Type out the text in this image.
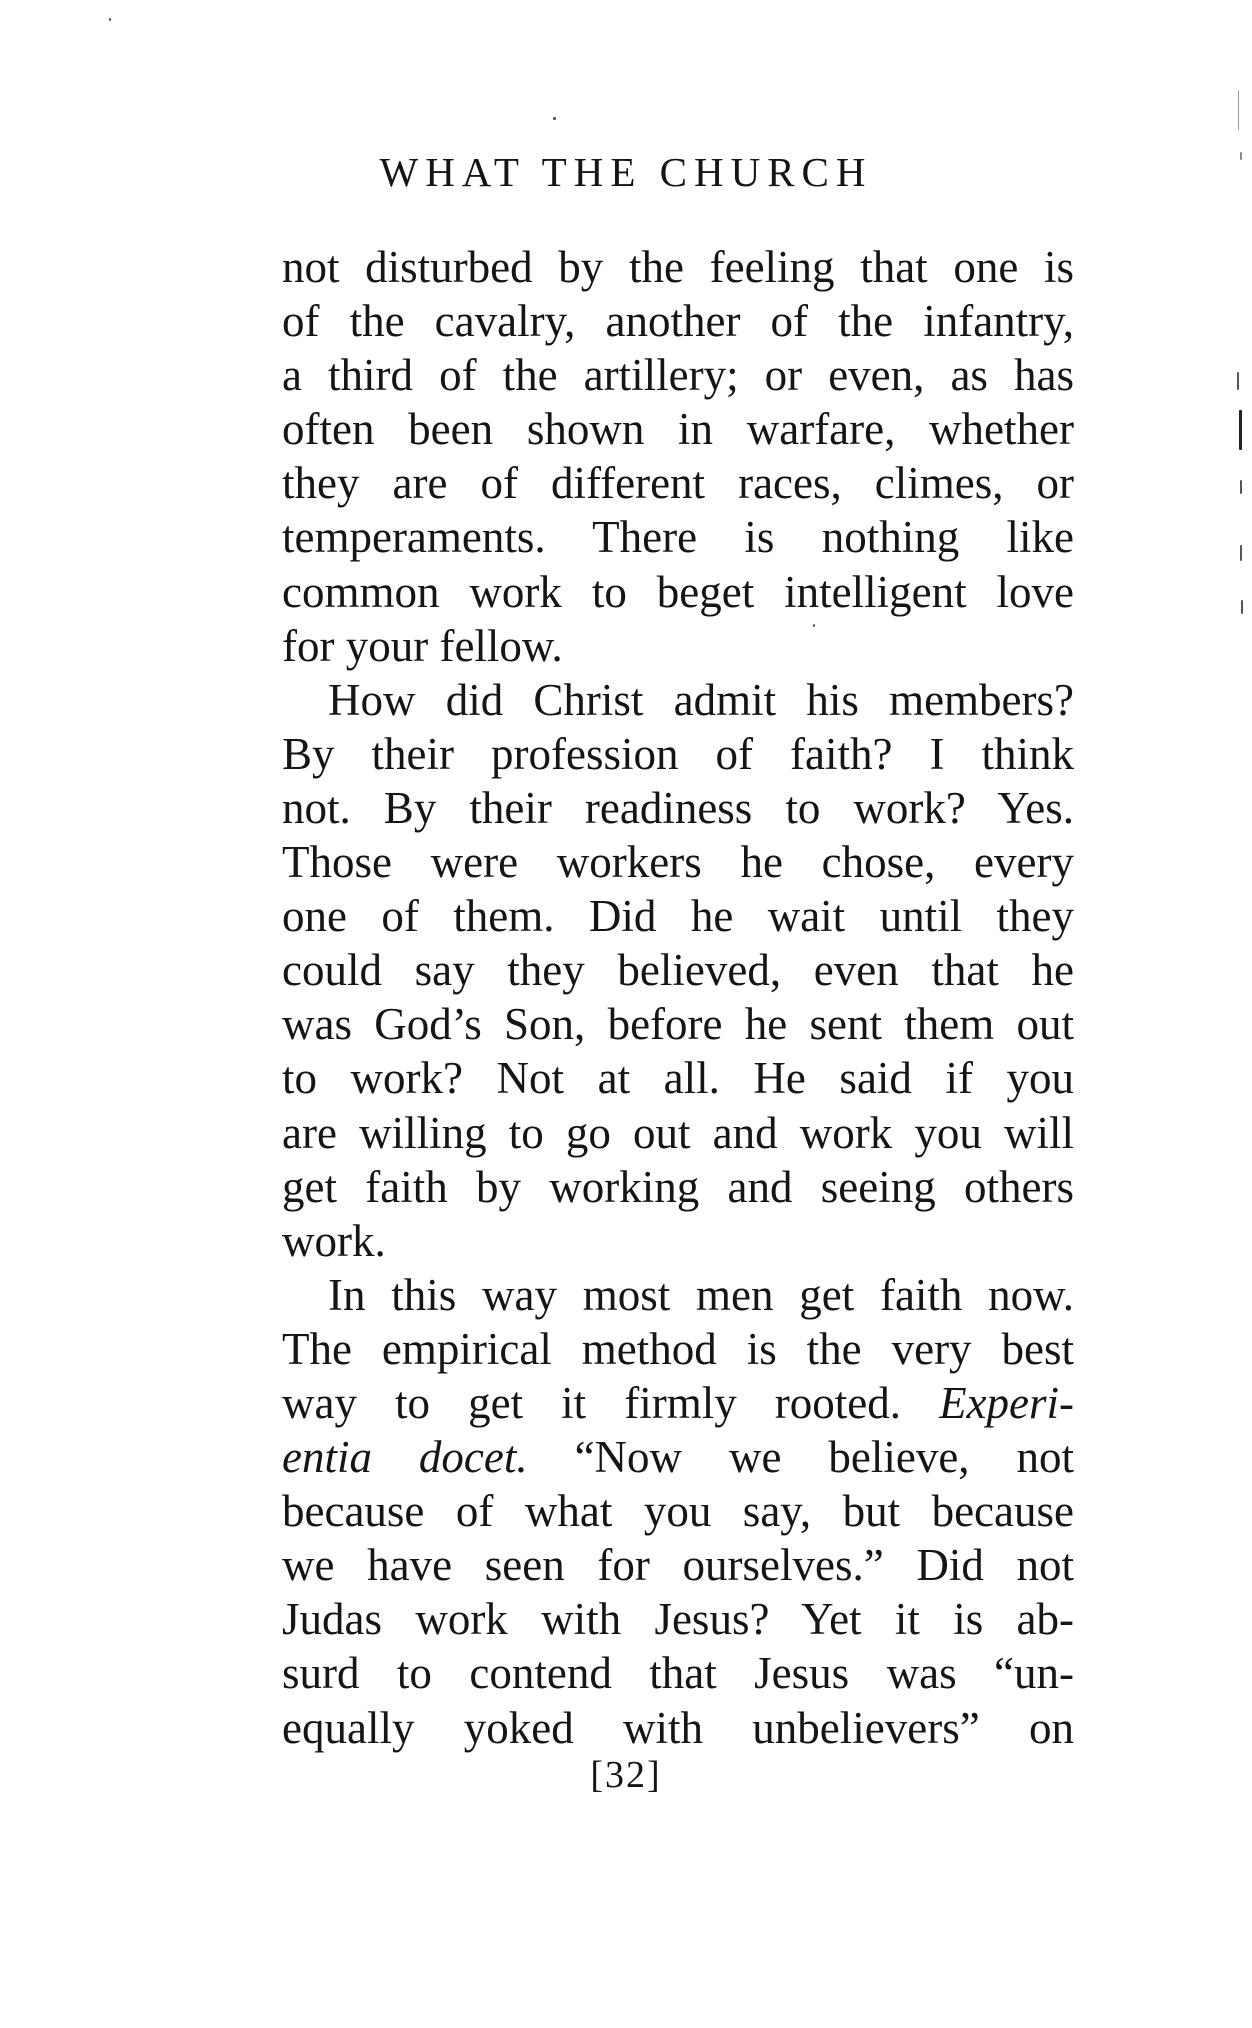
WHAT THE CHURCH
not disturbed by the feeling that one is
of the cavalry, another of the infantry,
a third of the artillery; or even, as has
often been shown in warfare, whether
they are of different races, climes, or
temperaments. There is nothing like
common work to beget intelligent love
for your fellow.
How did Christ admit his members?
By their profession of faith? I think
not. By their readiness to work? Yes.
Those were workers he chose, every
one of them. Did he wait until they
could say they believed, even that he
was God’s Son, before he sent them out
to work? Not at all. He said if you
are willing to go out and work you will
get faith by working and seeing others
work.
In this way most men get faith now.
The empirical method is the very best
way to get it firmly rooted. Experi-
entia docet. “Now we believe, not
because of what you say, but because
we have seen for ourselves.” Did not
Judas work with Jesus? Yet it is ab-
surd to contend that Jesus was “un-
equally yoked with unbelievers” on
[32]
